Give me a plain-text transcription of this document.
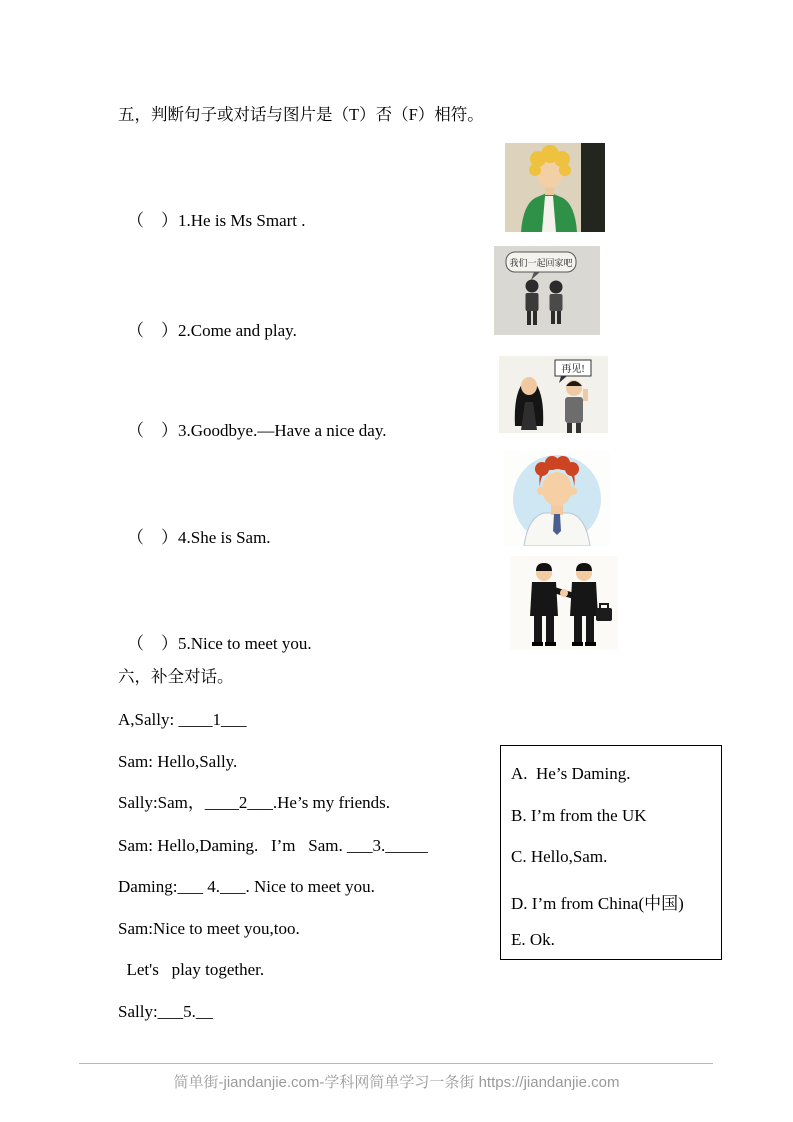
五，判断句子或对话与图片是（T）否（F）相符。
（    ）1.He is Ms Smart .
（    ）2.Come and play.
（    ）3.Goodbye.—Have a nice day.
（    ）4.She is Sam.
（    ）5.Nice to meet you.
我们一起回家吧
再见!
六，补全对话。
A,Sally: ____1___
Sam: Hello,Sally.
Sally:Sam，____2___.He’s my friends.
Sam: Hello,Daming.   I’m   Sam. ___3._____
Daming:___ 4.___. Nice to meet you.
Sam:Nice to meet you,too.
Let's   play together.
Sally:___5.__
A.  He’s Daming.
B. I’m from the UK
C. Hello,Sam.
D. I’m from China(中国)
E. Ok.
简单街-jiandanjie.com-学科网简单学习一条街 https://jiandanjie.com
